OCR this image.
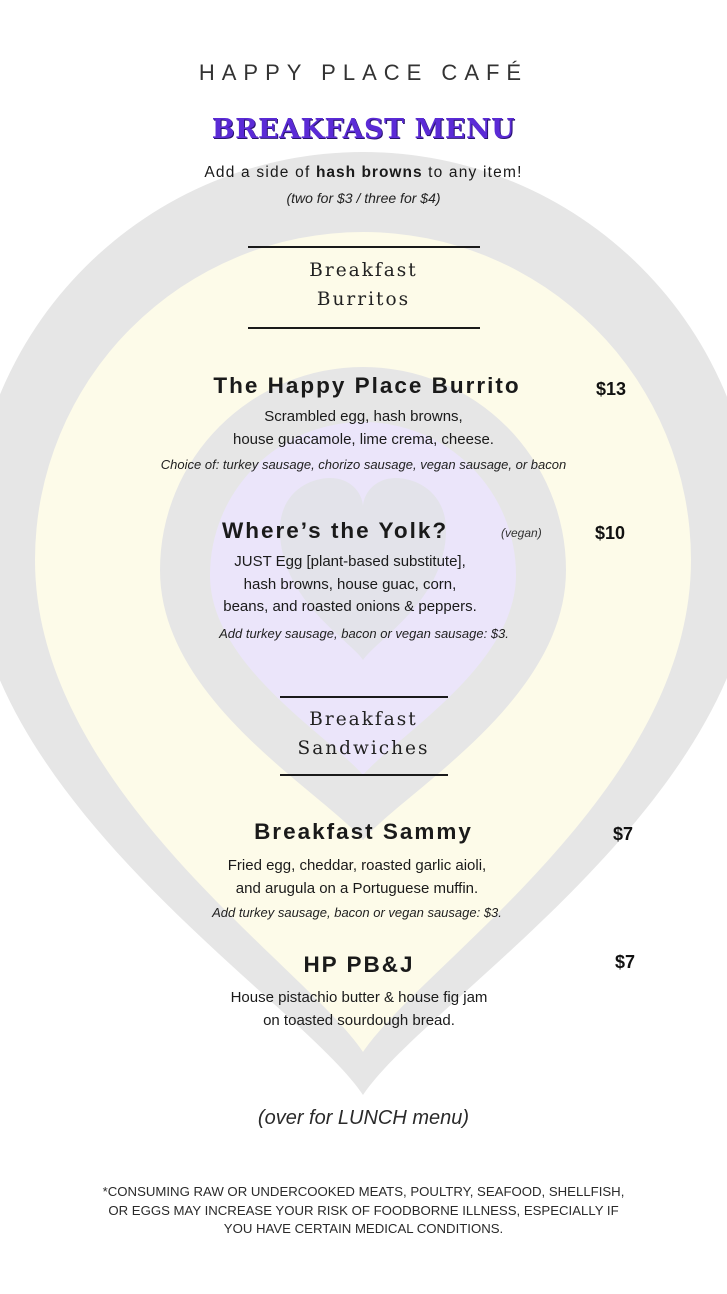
HAPPY PLACE CAFÉ
BREAKFAST MENU
Add a side of hash browns to any item!
(two for $3 / three for $4)
Breakfast
Burritos
The Happy Place Burrito	$13
Scrambled egg, hash browns,
house guacamole, lime crema, cheese.
Choice of: turkey sausage, chorizo sausage, vegan sausage, or bacon
Where’s the Yolk?	(vegan)	$10
JUST Egg [plant-based substitute],
hash browns, house guac, corn,
beans, and roasted onions & peppers.
Add turkey sausage, bacon or vegan sausage: $3.
Breakfast
Sandwiches
Breakfast Sammy	$7
Fried egg, cheddar, roasted garlic aioli,
and arugula on a Portuguese muffin.
Add turkey sausage, bacon or vegan sausage: $3.
HP PB&J	$7
House pistachio butter & house fig jam
on toasted sourdough bread.
(over for LUNCH menu)
*CONSUMING RAW OR UNDERCOOKED MEATS, POULTRY, SEAFOOD, SHELLFISH,
OR EGGS MAY INCREASE YOUR RISK OF FOODBORNE ILLNESS, ESPECIALLY IF
YOU HAVE CERTAIN MEDICAL CONDITIONS.
